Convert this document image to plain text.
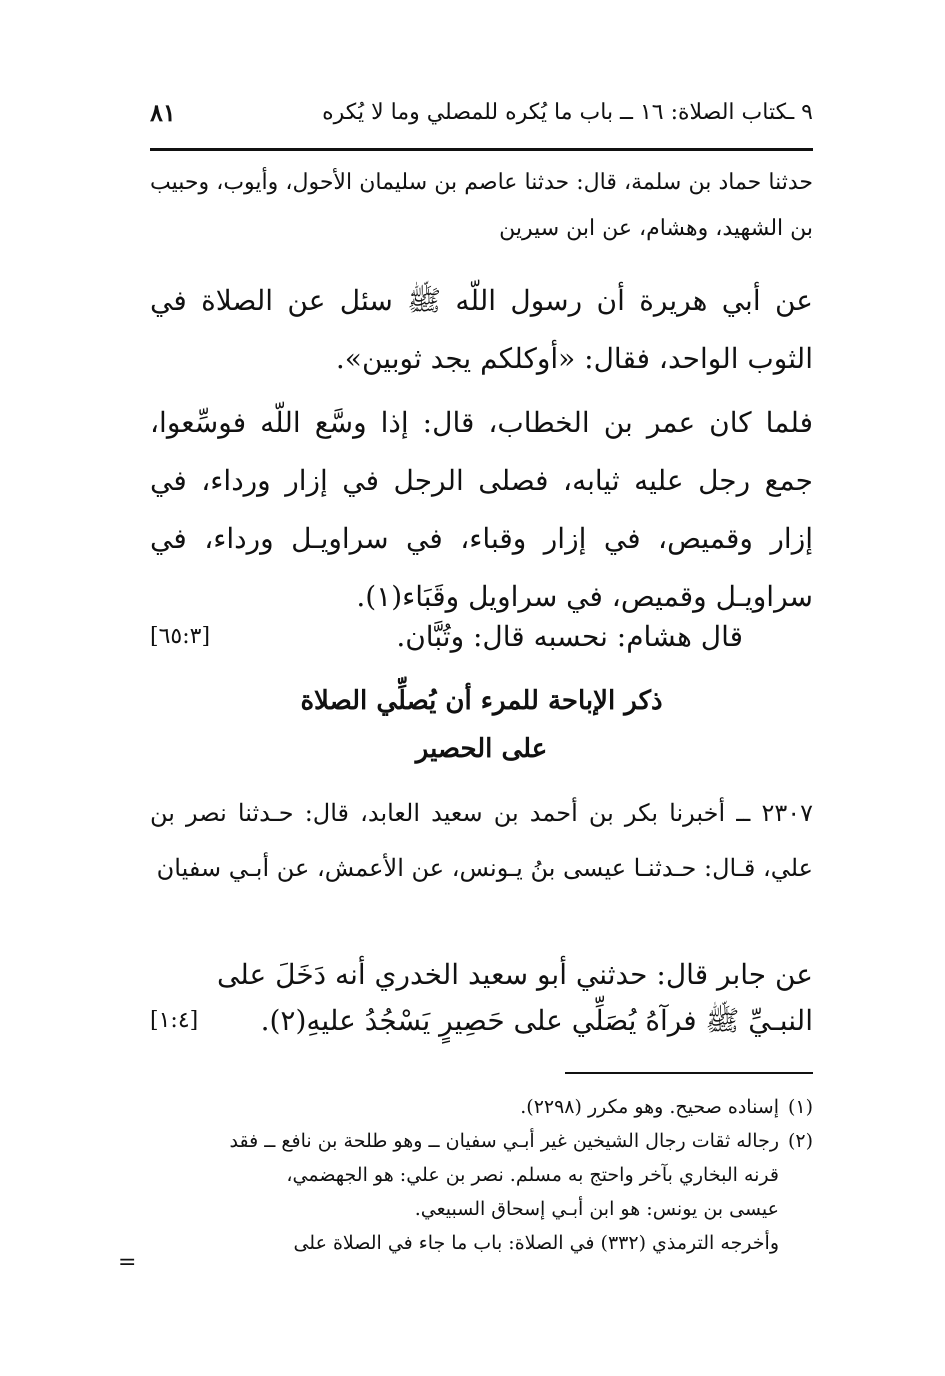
٩ ـكتاب الصلاة: ١٦ ــ باب ما يُكره للمصلي وما لا يُكره
٨١
حدثنا حماد بن سلمة، قال: حدثنا عاصم بن سليمان الأحول، وأيوب، وحبيب بن الشهيد، وهشام، عن ابن سيرين
عن أبي هريرة أن رسول اللّه ﷺ سئل عن الصلاة في الثوب الواحد، فقال: «أوكلكم يجد ثوبين».
فلما كان عمر بن الخطاب، قال: إذا وسَّع اللّه فوسِّعوا، جمع رجل عليه ثيابه، فصلى الرجل في إزار ورداء، في إزار وقميص، في إزار وقباء، في سراويـل ورداء، في سراويـل وقميص، في سراويل وقَبَاء(١).
قال هشام: نحسبه قال: وتُبَّان.
[٦٥:٣]
ذكر الإباحة للمرء أن يُصلِّي الصلاة
على الحصير
٢٣٠٧ ــ أخبرنا بكر بن أحمد بن سعيد العابد، قال: حـدثنا نصر بن علي، قـال: حـدثنـا عيسى بنُ يـونس، عن الأعمش، عن أبـي سفيان
عن جابر قال: حدثني أبو سعيد الخدري أنه دَخَلَ على
النبـيِّ ﷺ فرآهُ يُصَلِّي على حَصِيرٍ يَسْجُدُ عليهِ(٢).
[١:٤]

(١)إسناده صحيح. وهو مكرر (٢٢٩٨).

(٢)رجاله ثقات رجال الشيخين غير أبـي سفيان ــ وهو طلحة بن نافع ــ فقد

قرنه البخاري بآخر واحتج به مسلم. نصر بن علي: هو الجهضمي،

عيسى بن يونس: هو ابن أبـي إسحاق السبيعي.

وأخرجه الترمذي (٣٣٢) في الصلاة: باب ما جاء في الصلاة على

=
